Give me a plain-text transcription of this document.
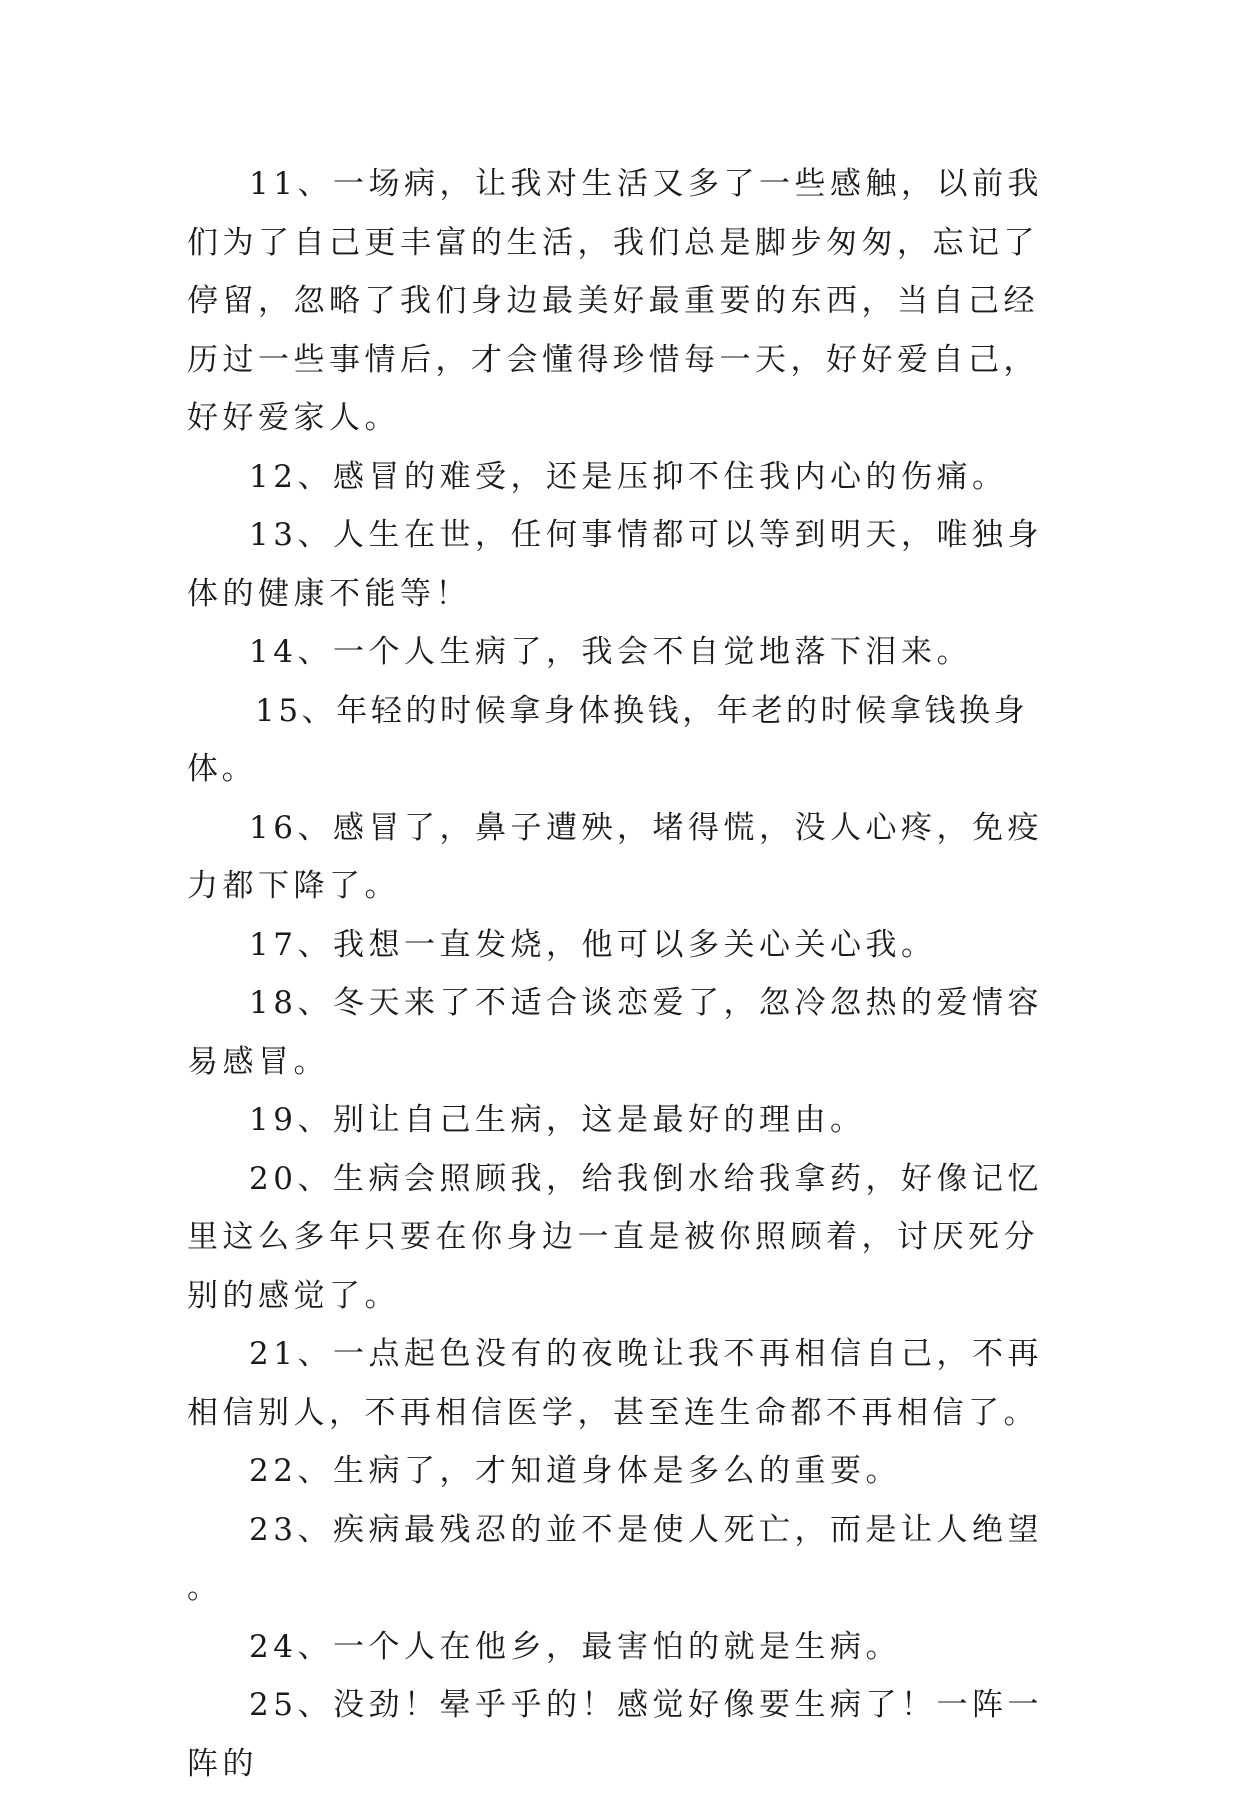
11、一场病，让我对生活又多了一些感触，以前我们为了自己更丰富的生活，我们总是脚步匆匆，忘记了停留，忽略了我们身边最美好最重要的东西，当自己经历过一些事情后，才会懂得珍惜每一天，好好爱自己，好好爱家人。

12、感冒的难受，还是压抑不住我内心的伤痛。

13、人生在世，任何事情都可以等到明天，唯独身体的健康不能等！

14、一个人生病了，我会不自觉地落下泪来。

15、年轻的时候拿身体换钱，年老的时候拿钱换身体。

16、感冒了，鼻子遭殃，堵得慌，没人心疼，免疫力都下降了。

17、我想一直发烧，他可以多关心关心我。

18、冬天来了不适合谈恋爱了，忽冷忽热的爱情容易感冒。

19、别让自己生病，这是最好的理由。

20、生病会照顾我，给我倒水给我拿药，好像记忆里这么多年只要在你身边一直是被你照顾着，讨厌死分别的感觉了。

21、一点起色没有的夜晚让我不再相信自己，不再相信别人，不再相信医学，甚至连生命都不再相信了。

22、生病了，才知道身体是多么的重要。

23、疾病最残忍的並不是使人死亡，而是让人绝望。

24、一个人在他乡，最害怕的就是生病。

25、没劲！晕乎乎的！感觉好像要生病了！一阵一阵的
